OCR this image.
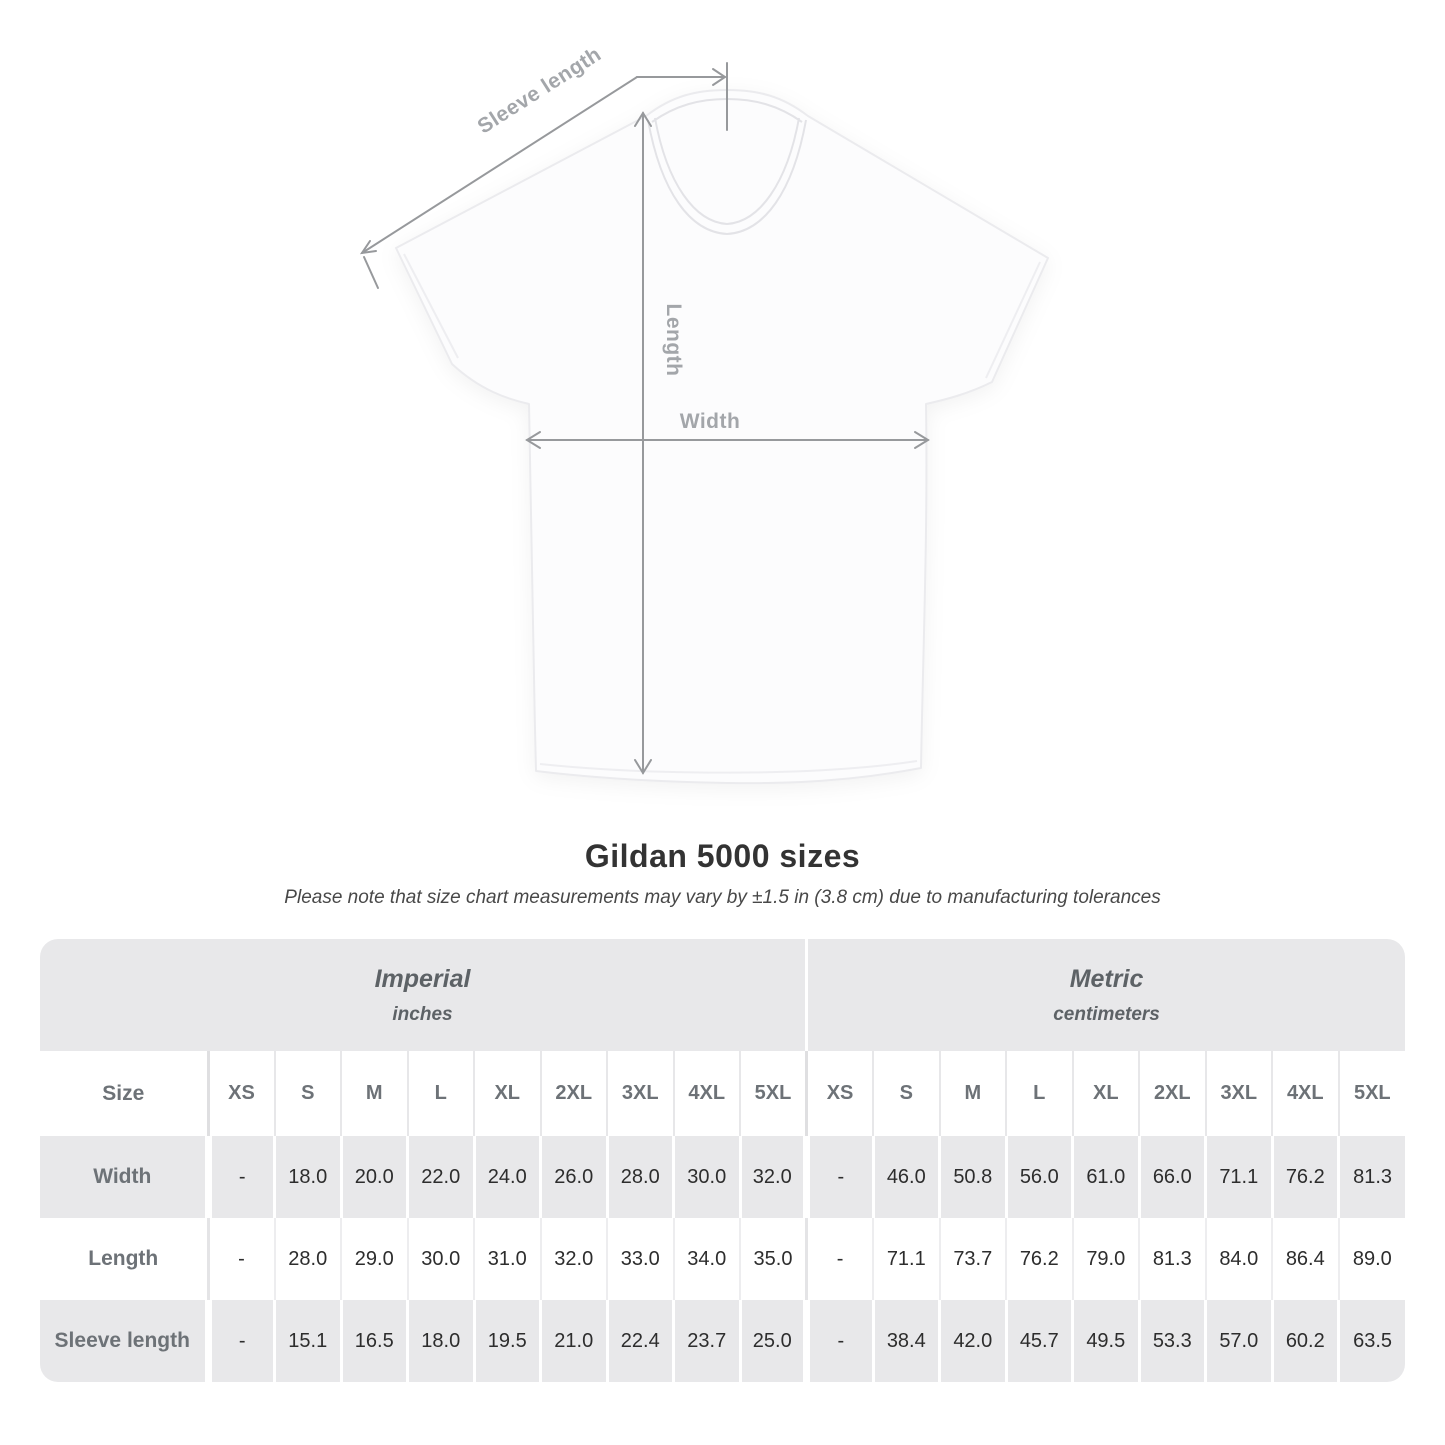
Sleeve length
Length
Width
Gildan 5000 sizes

Please note that size chart measurements may vary by ±1.5 in (3.8 cm) due to manufacturing tolerances

Imperial
inches

Metric
centimeters

Size	XS	S	M	L	XL	2XL	3XL	4XL	5XL	XS	S	M	L	XL	2XL	3XL	4XL	5XL
Width	-	18.0	20.0	22.0	24.0	26.0	28.0	30.0	32.0	-	46.0	50.8	56.0	61.0	66.0	71.1	76.2	81.3
Length	-	28.0	29.0	30.0	31.0	32.0	33.0	34.0	35.0	-	71.1	73.7	76.2	79.0	81.3	84.0	86.4	89.0
Sleeve length	-	15.1	16.5	18.0	19.5	21.0	22.4	23.7	25.0	-	38.4	42.0	45.7	49.5	53.3	57.0	60.2	63.5
